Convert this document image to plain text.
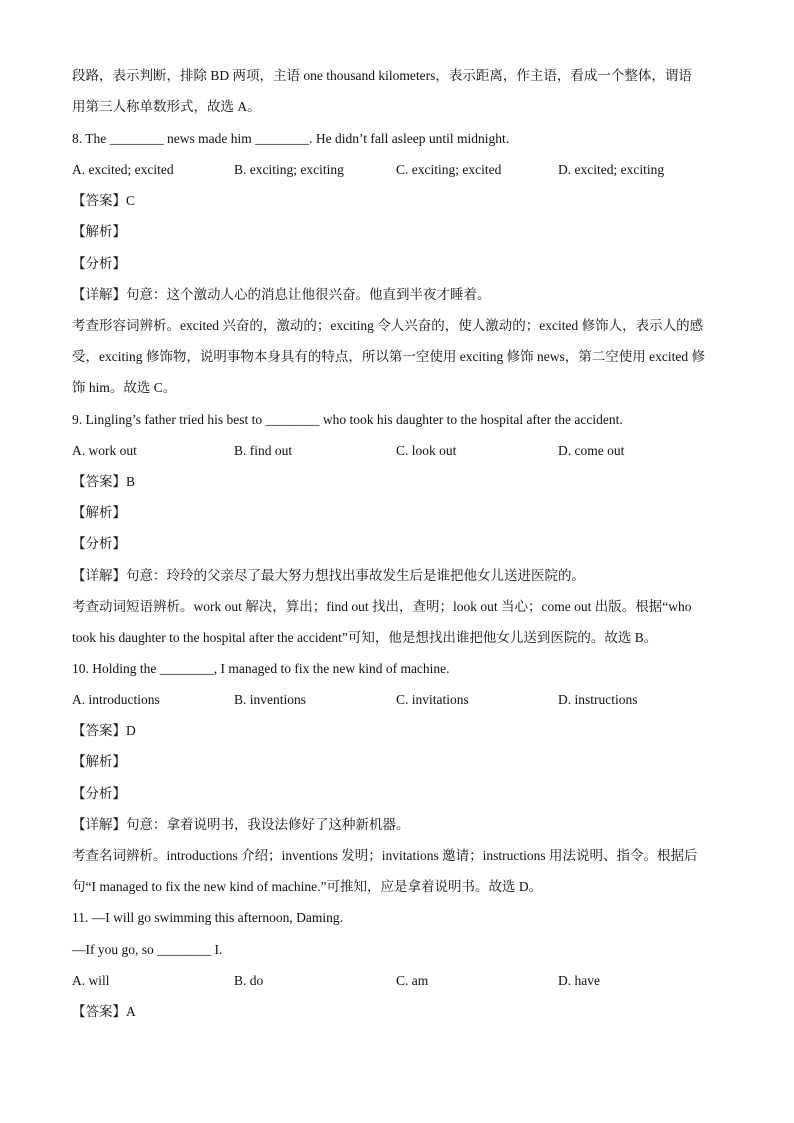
段路，表示判断，排除 BD 两项，主语 one thousand kilometers，表示距离，作主语，看成一个整体，谓语
用第三人称单数形式，故选 A。
8. The ________ news made him ________. He didn’t fall asleep until midnight.
A. excited; excited	B. exciting; exciting	C. exciting; excited	D. excited; exciting
【答案】C
【解析】
【分析】
【详解】句意：这个激动人心的消息让他很兴奋。他直到半夜才睡着。
考查形容词辨析。excited 兴奋的，激动的；exciting 令人兴奋的，使人激动的；excited 修饰人，表示人的感
受，exciting 修饰物，说明事物本身具有的特点，所以第一空使用 exciting 修饰 news，第二空使用 excited 修
饰 him。故选 C。
9. Lingling’s father tried his best to ________ who took his daughter to the hospital after the accident.
A. work out	B. find out	C. look out	D. come out
【答案】B
【解析】
【分析】
【详解】句意：玲玲的父亲尽了最大努力想找出事故发生后是谁把他女儿送进医院的。
考查动词短语辨析。work out 解决，算出；find out 找出，查明；look out 当心；come out 出版。根据“who
took his daughter to the hospital after the accident”可知，他是想找出谁把他女儿送到医院的。故选 B。
10. Holding the ________, I managed to fix the new kind of machine.
A. introductions	B. inventions	C. invitations	D. instructions
【答案】D
【解析】
【分析】
【详解】句意：拿着说明书，我设法修好了这种新机器。
考查名词辨析。introductions 介绍；inventions 发明；invitations 邀请；instructions 用法说明、指令。根据后
句“I managed to fix the new kind of machine.”可推知，应是拿着说明书。故选 D。
11. —I will go swimming this afternoon, Daming.
—If you go, so ________ I.
A. will	B. do	C. am	D. have
【答案】A
